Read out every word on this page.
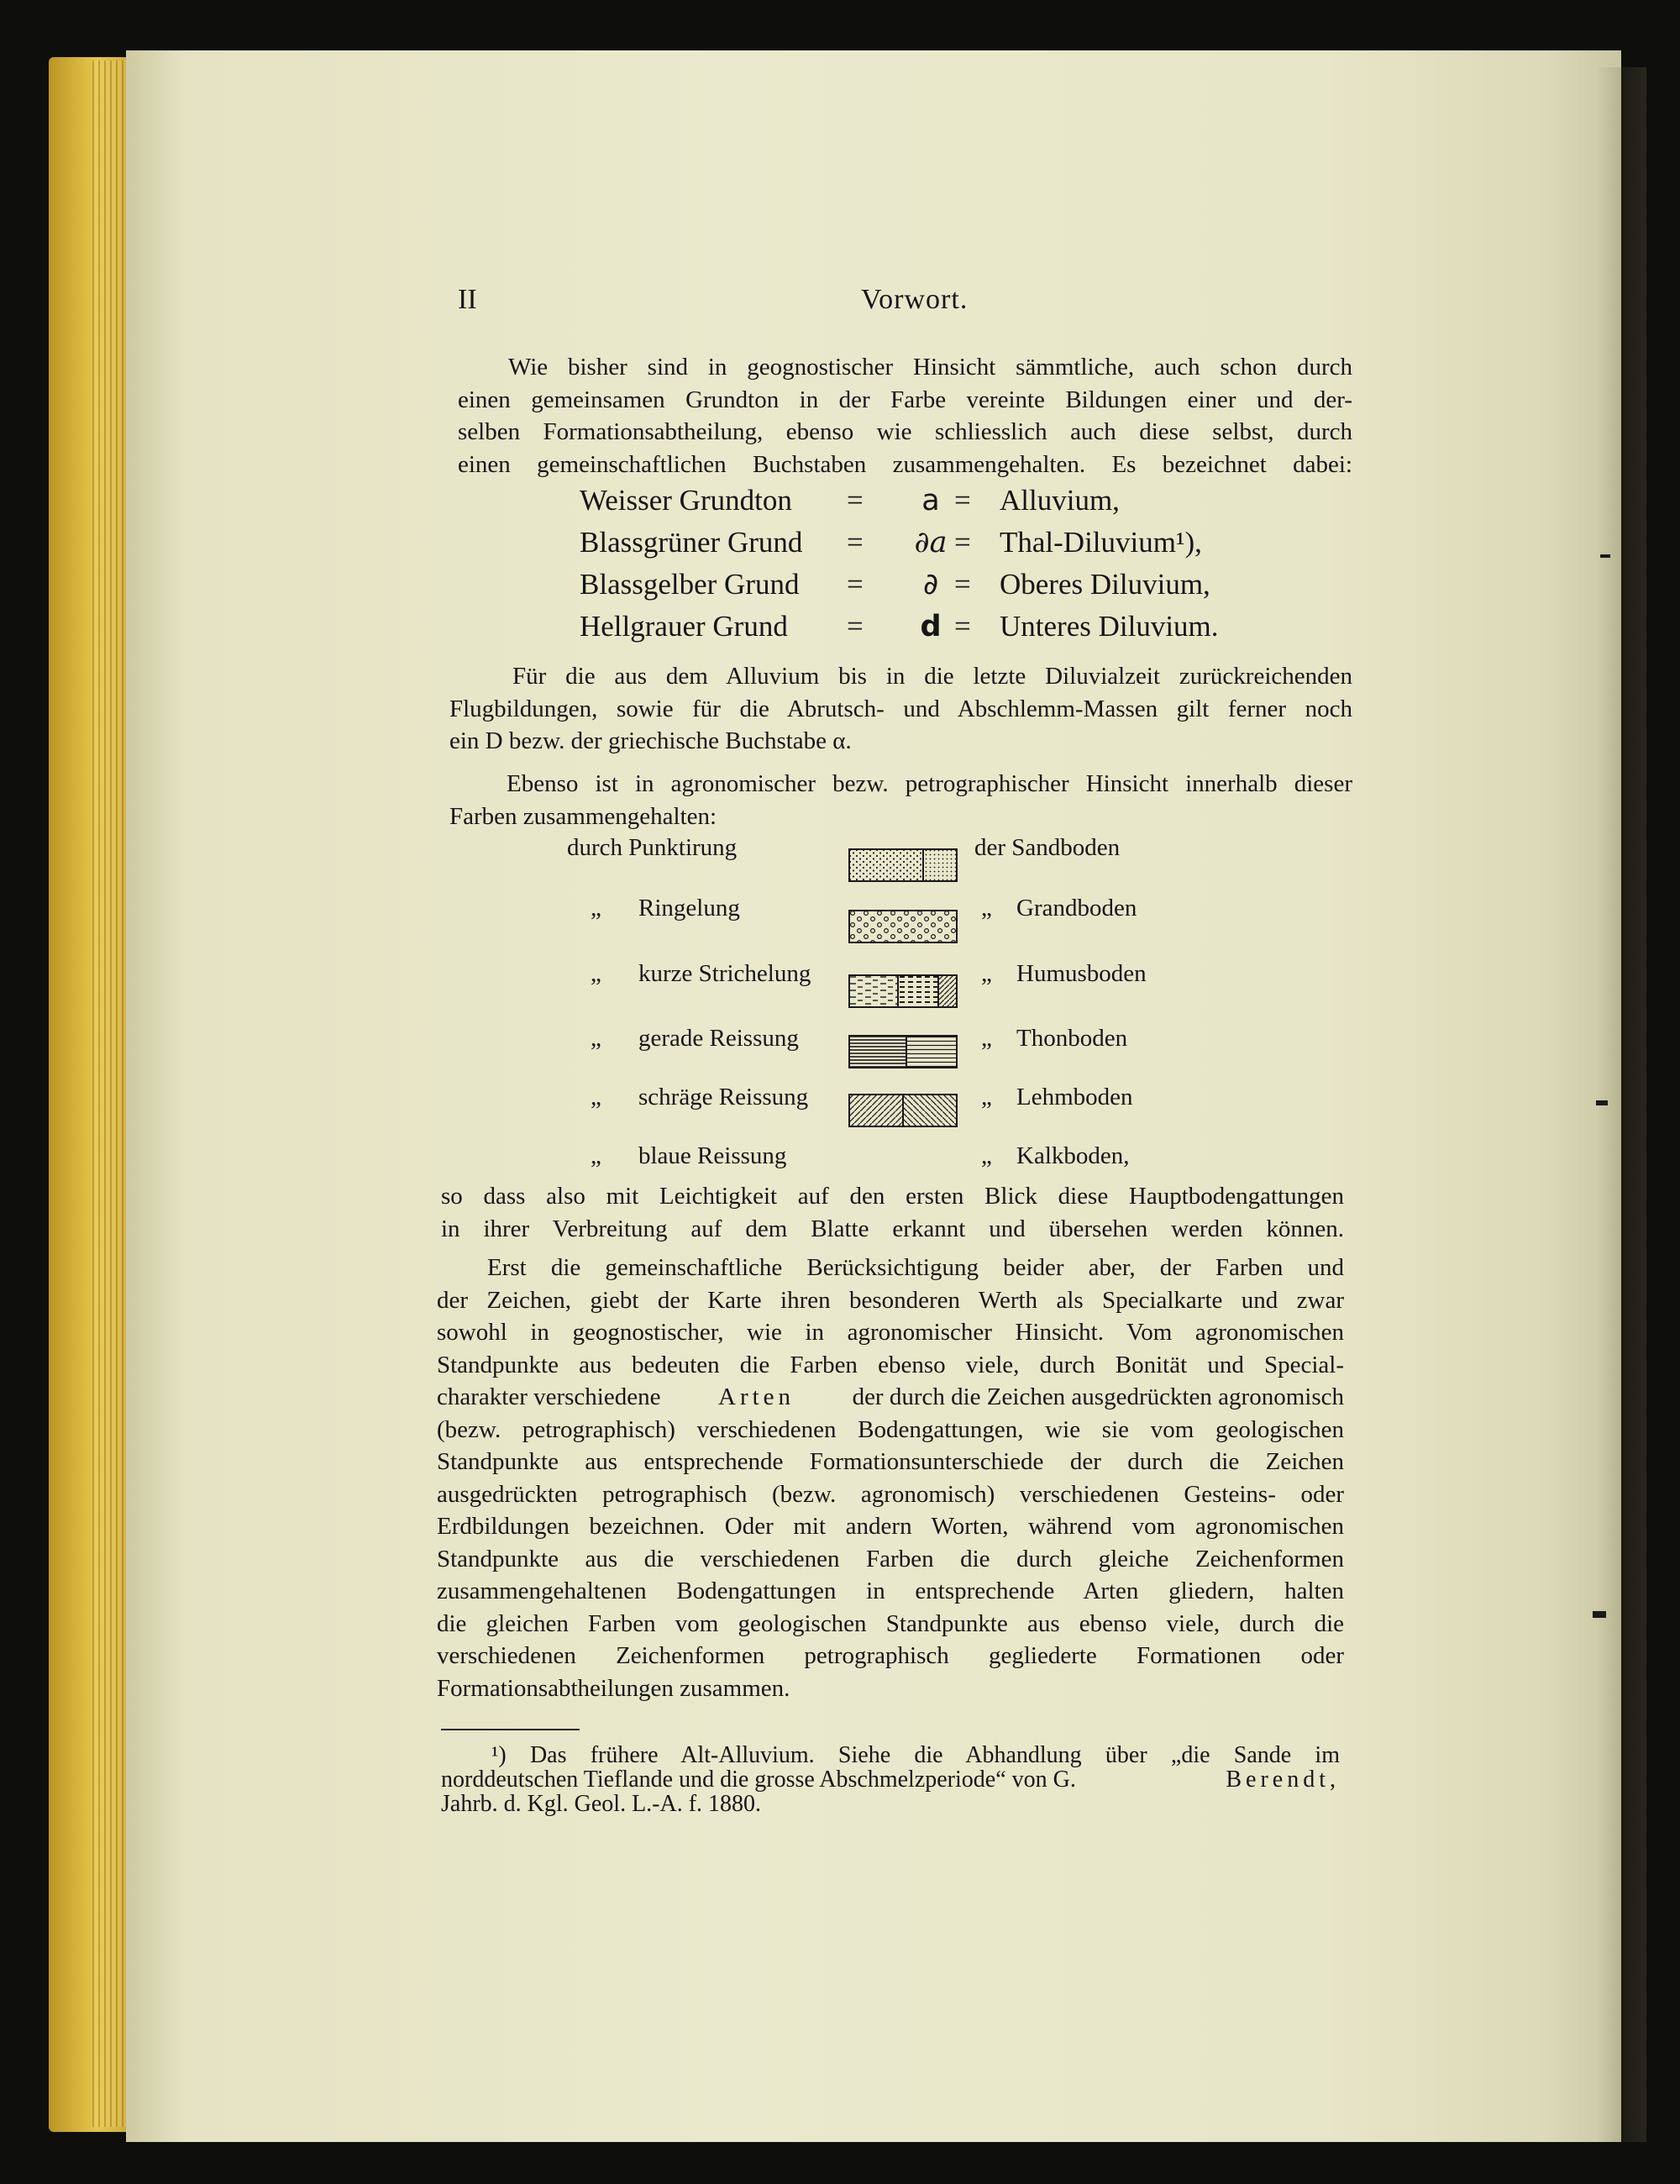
II	Vorwort.
Wie bisher sind in geognostischer Hinsicht sämmtliche, auch schon durch
einen gemeinsamen Grundton in der Farbe vereinte Bildungen einer und der-
selben Formationsabtheilung, ebenso wie schliesslich auch diese selbst, durch
einen gemeinschaftlichen Buchstaben zusammengehalten. Es bezeichnet dabei:
Weisser Grundton =	a = Alluvium,
Blassgrüner Grund =	∂a = Thal-Diluvium¹),
Blassgelber Grund =	∂ = Oberes Diluvium,
Hellgrauer Grund =	d = Unteres Diluvium.
Für die aus dem Alluvium bis in die letzte Diluvialzeit zurückreichenden
Flugbildungen, sowie für die Abrutsch- und Abschlemm-Massen gilt ferner noch
ein D bezw. der griechische Buchstabe α.
Ebenso ist in agronomischer bezw. petrographischer Hinsicht innerhalb dieser
Farben zusammengehalten:
durch Punktirung	der Sandboden
„ Ringelung	„ Grandboden
„ kurze Strichelung	„ Humusboden
„ gerade Reissung	„ Thonboden
„ schräge Reissung	„ Lehmboden
„ blaue Reissung	„ Kalkboden,
so dass also mit Leichtigkeit auf den ersten Blick diese Hauptbodengattungen
in ihrer Verbreitung auf dem Blatte erkannt und übersehen werden können.
Erst die gemeinschaftliche Berücksichtigung beider aber, der Farben und
der Zeichen, giebt der Karte ihren besonderen Werth als Specialkarte und zwar
sowohl in geognostischer, wie in agronomischer Hinsicht. Vom agronomischen
Standpunkte aus bedeuten die Farben ebenso viele, durch Bonität und Special-
charakter verschiedene Arten der durch die Zeichen ausgedrückten agronomisch
(bezw. petrographisch) verschiedenen Bodengattungen, wie sie vom geologischen
Standpunkte aus entsprechende Formationsunterschiede der durch die Zeichen
ausgedrückten petrographisch (bezw. agronomisch) verschiedenen Gesteins- oder
Erdbildungen bezeichnen. Oder mit andern Worten, während vom agronomischen
Standpunkte aus die verschiedenen Farben die durch gleiche Zeichenformen
zusammengehaltenen Bodengattungen in entsprechende Arten gliedern, halten
die gleichen Farben vom geologischen Standpunkte aus ebenso viele, durch die
verschiedenen Zeichenformen petrographisch gegliederte Formationen oder
Formationsabtheilungen zusammen.
¹) Das frühere Alt-Alluvium. Siehe die Abhandlung über „die Sande im
norddeutschen Tieflande und die grosse Abschmelzperiode“ von G.	Berendt,
Jahrb. d. Kgl. Geol. L.-A. f. 1880.
